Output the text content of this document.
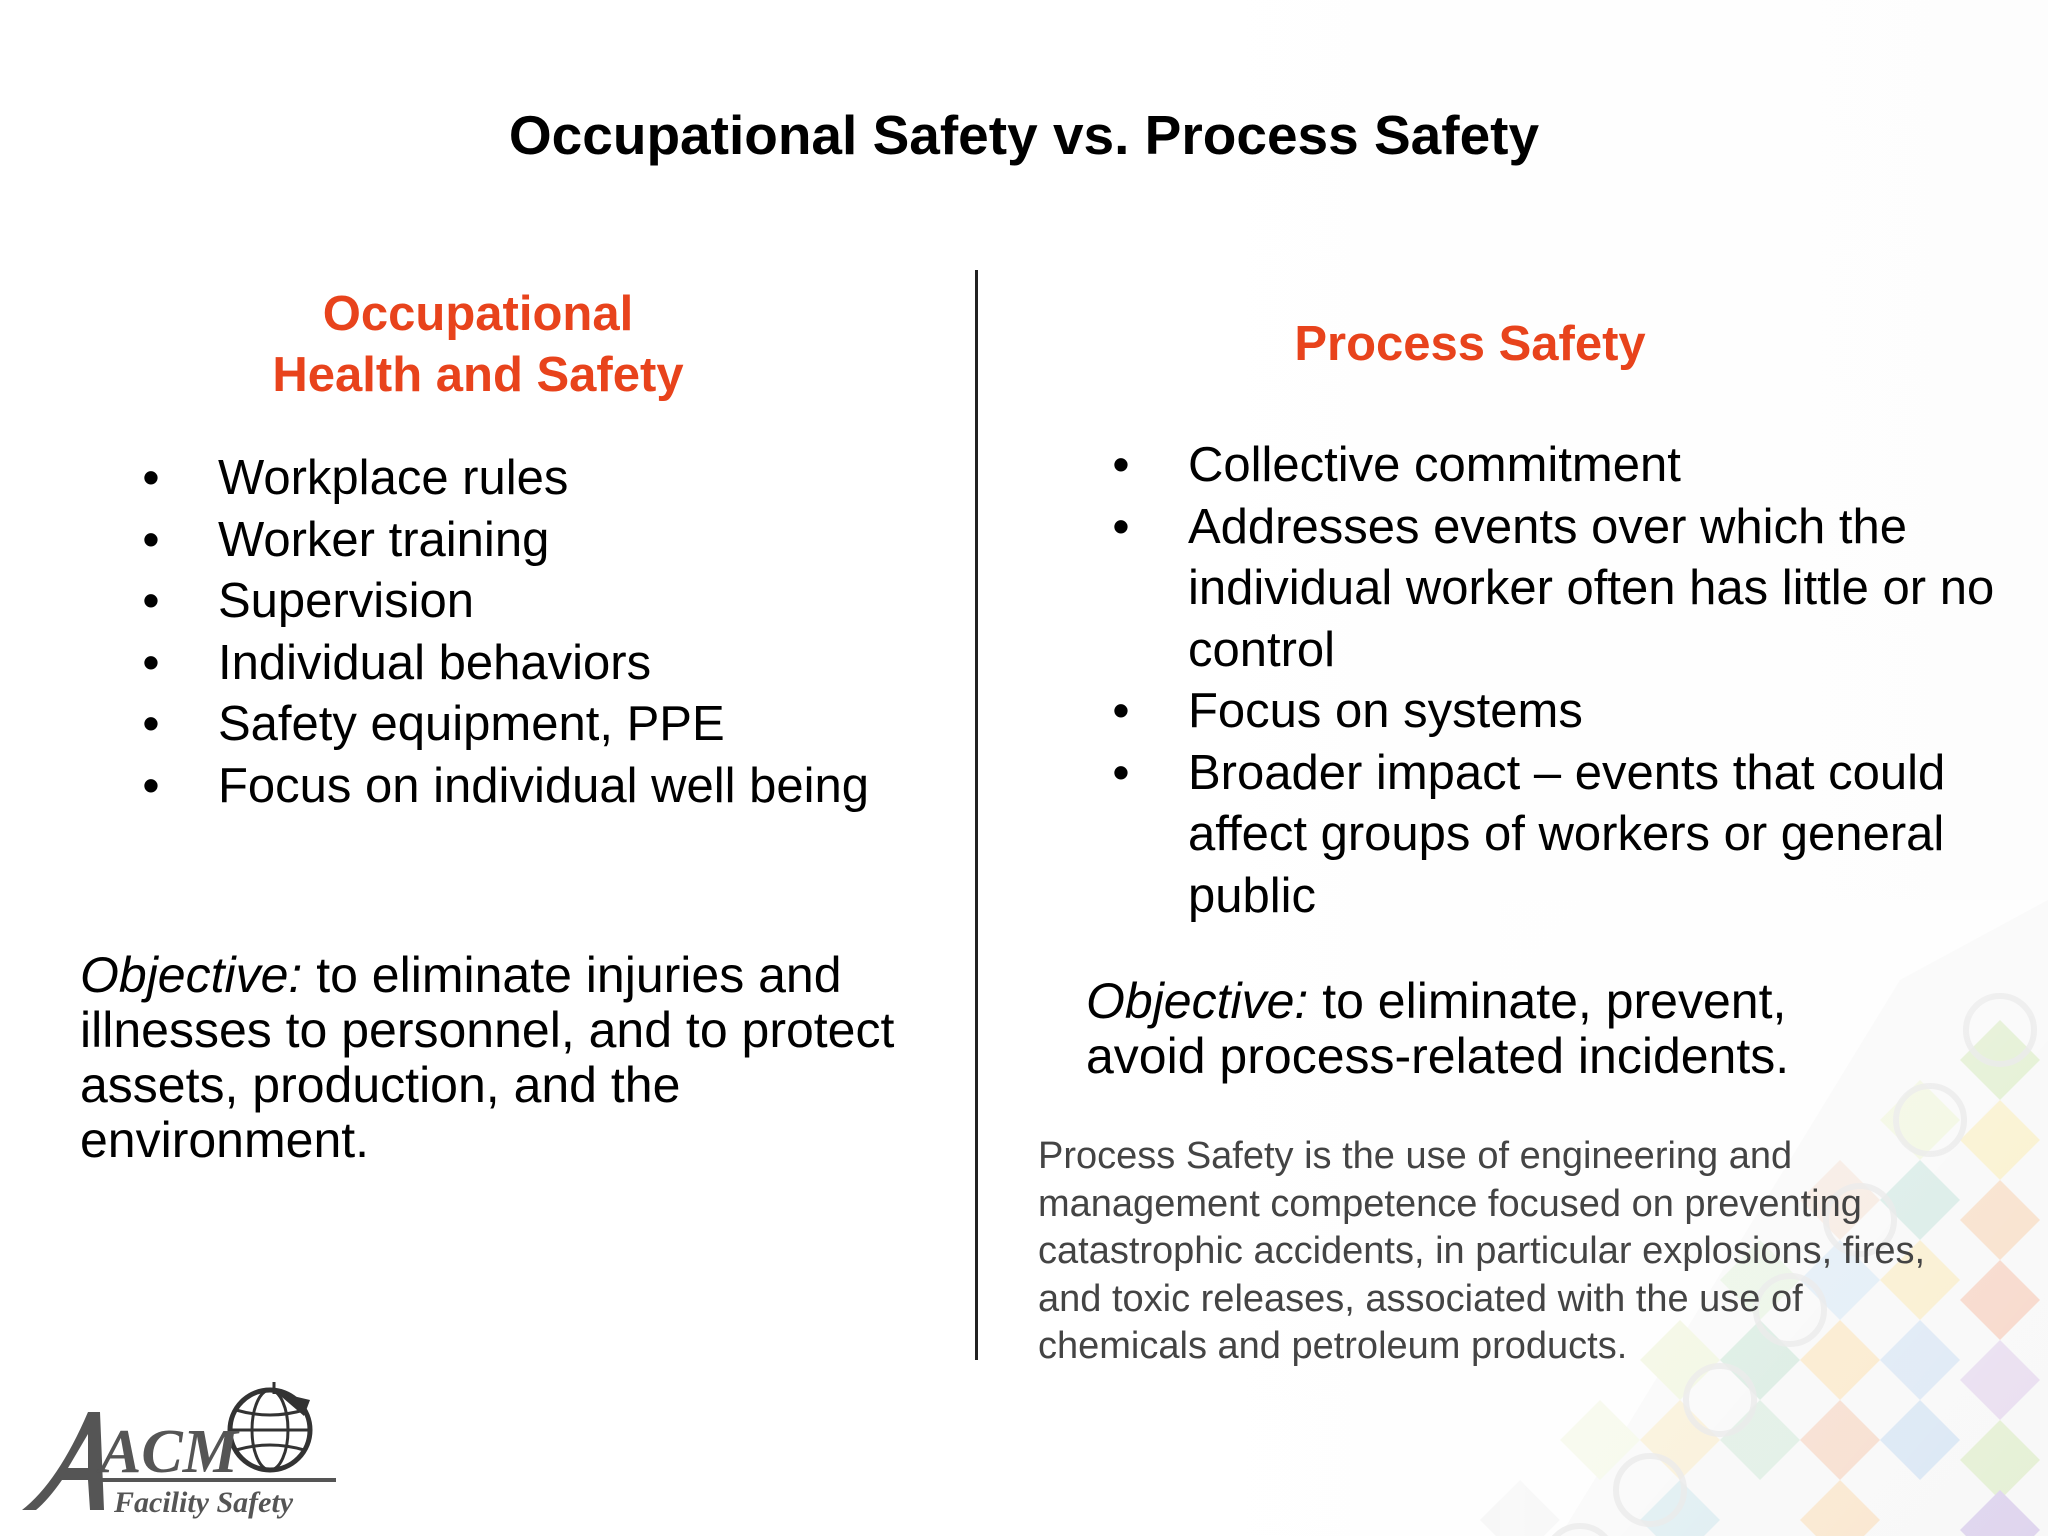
Occupational Safety vs. Process Safety
Occupational
Health and Safety
• Workplace rules
• Worker training
• Supervision
• Individual behaviors
• Safety equipment, PPE
• Focus on individual well being
Objective: to eliminate injuries and illnesses to personnel, and to protect assets, production, and the environment.
Process Safety
• Collective commitment
• Addresses events over which the individual worker often has little or no control
• Focus on systems
• Broader impact – events that could affect groups of workers or general public
Objective: to eliminate, prevent, avoid process-related incidents.
Process Safety is the use of engineering and management competence focused on preventing catastrophic accidents, in particular explosions, fires, and toxic releases, associated with the use of chemicals and petroleum products.
ACM
Facility Safety
